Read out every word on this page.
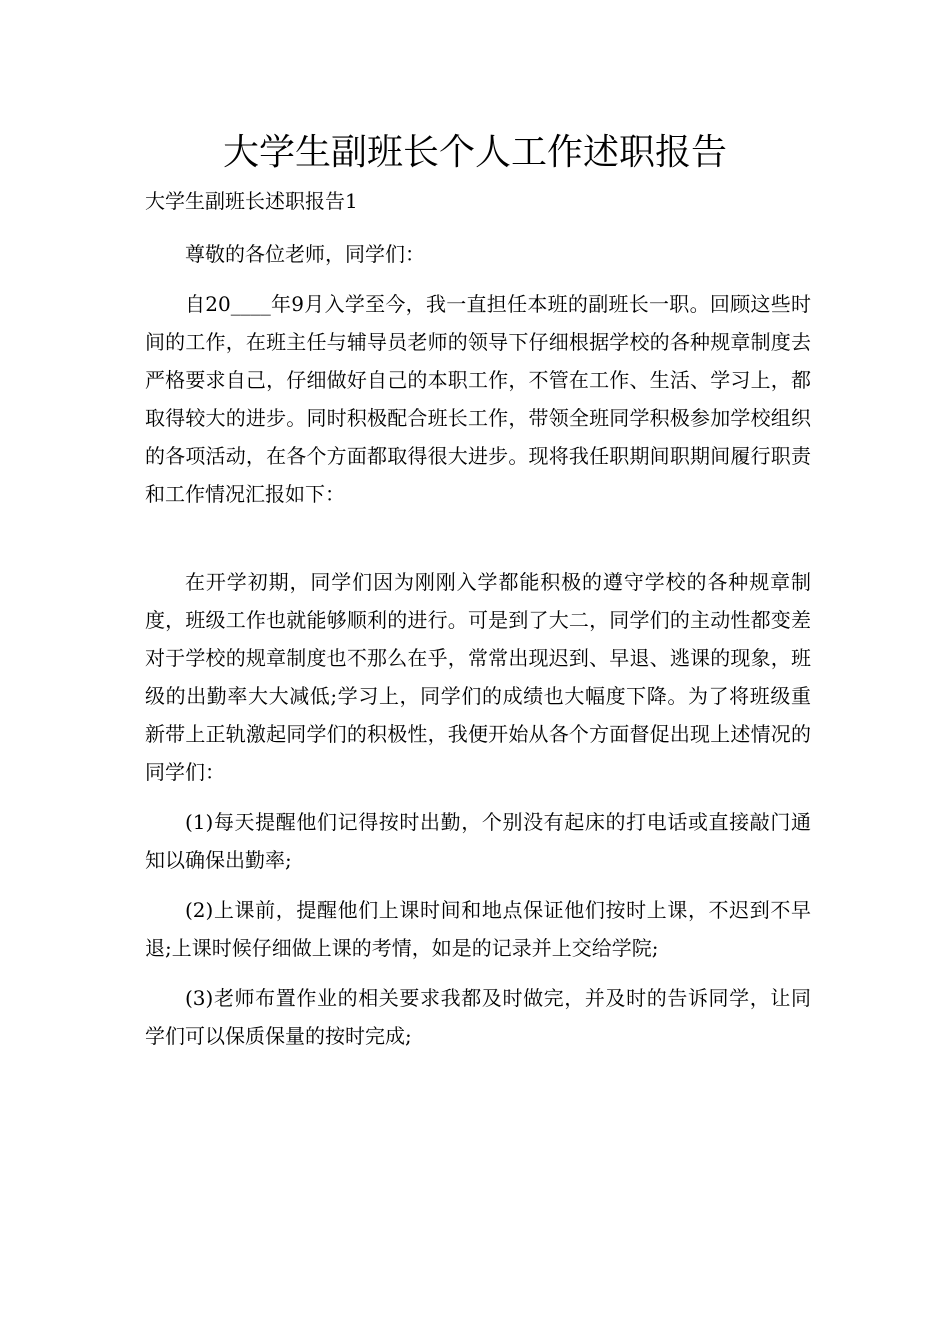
大学生副班长个人工作述职报告
大学生副班长述职报告1

尊敬的各位老师，同学们：

自20____年9月入学至今，我一直担任本班的副班长一职。回顾这些时间的工作，在班主任与辅导员老师的领导下仔细根据学校的各种规章制度去严格要求自己，仔细做好自己的本职工作，不管在工作、生活、学习上，都取得较大的进步。同时积极配合班长工作，带领全班同学积极参加学校组织的各项活动，在各个方面都取得很大进步。现将我任职期间职期间履行职责和工作情况汇报如下：

在开学初期，同学们因为刚刚入学都能积极的遵守学校的各种规章制度，班级工作也就能够顺利的进行。可是到了大二，同学们的主动性都变差对于学校的规章制度也不那么在乎，常常出现迟到、早退、逃课的现象，班级的出勤率大大减低;学习上，同学们的成绩也大幅度下降。为了将班级重新带上正轨激起同学们的积极性，我便开始从各个方面督促出现上述情况的同学们：

(1)每天提醒他们记得按时出勤，个别没有起床的打电话或直接敲门通知以确保出勤率;

(2)上课前，提醒他们上课时间和地点保证他们按时上课，不迟到不早退;上课时候仔细做上课的考情，如是的记录并上交给学院;

(3)老师布置作业的相关要求我都及时做完，并及时的告诉同学，让同学们可以保质保量的按时完成;
